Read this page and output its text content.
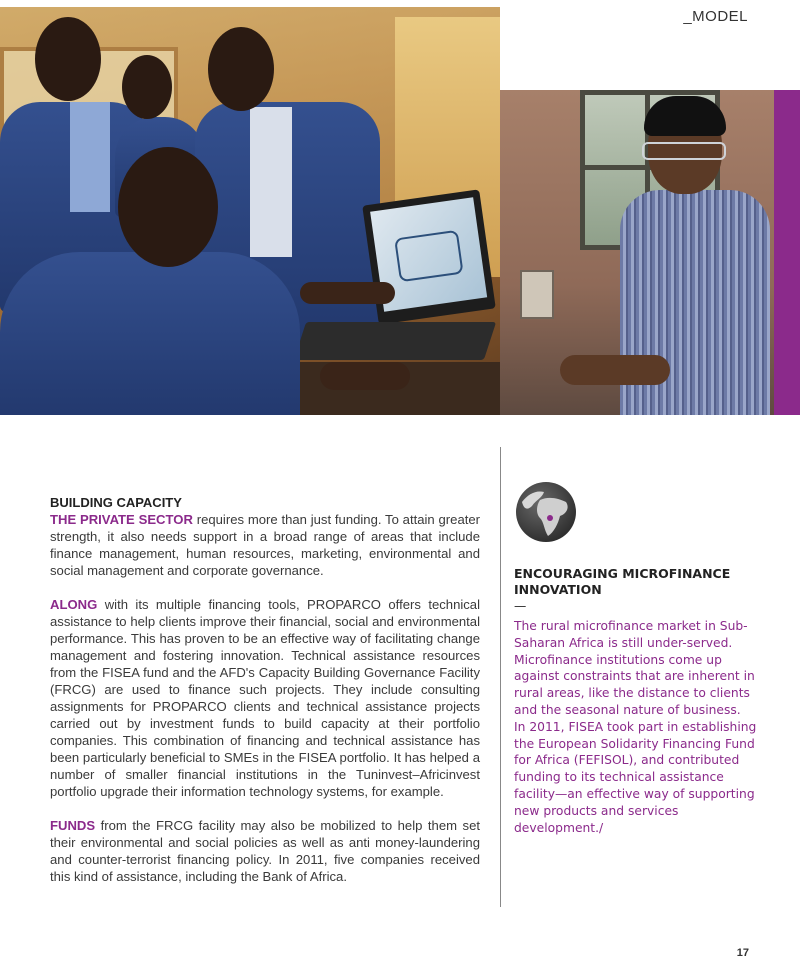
_MODEL
BUILDING CAPACITY

THE PRIVATE SECTOR requires more than just funding. To attain greater strength, it also needs support in a broad range of areas that include finance management, human resources, marketing, environmental and social management and corporate governance.

ALONG with its multiple financing tools, PROPARCO offers technical assistance to help clients improve their financial, social and environmental performance. This has proven to be an effective way of facilitating change management and fostering innovation. Technical assistance resources from the FISEA fund and the AFD's Capacity Building Governance Facility (FRCG) are used to finance such projects. They include consulting assignments for PROPARCO clients and technical assistance projects carried out by investment funds to build capacity at their portfolio companies. This combination of financing and technical assistance has been particularly beneficial to SMEs in the FISEA portfolio. It has helped a number of smaller financial institutions in the Tuninvest–Africinvest portfolio upgrade their information technology systems, for example.

FUNDS from the FRCG facility may also be mobilized to help them set their environmental and social policies as well as anti money-laundering and counter-terrorist financing policy. In 2011, five companies received this kind of assistance, including the Bank of Africa.

ENCOURAGING MICROFINANCE INNOVATION
—

The rural microfinance market in Sub-Saharan Africa is still under-served. Microfinance institutions come up against constraints that are inherent in rural areas, like the distance to clients and the seasonal nature of business.

In 2011, FISEA took part in establishing the European Solidarity Financing Fund for Africa (FEFISOL), and contributed funding to its technical assistance facility—an effective way of supporting new products and services development./

17
